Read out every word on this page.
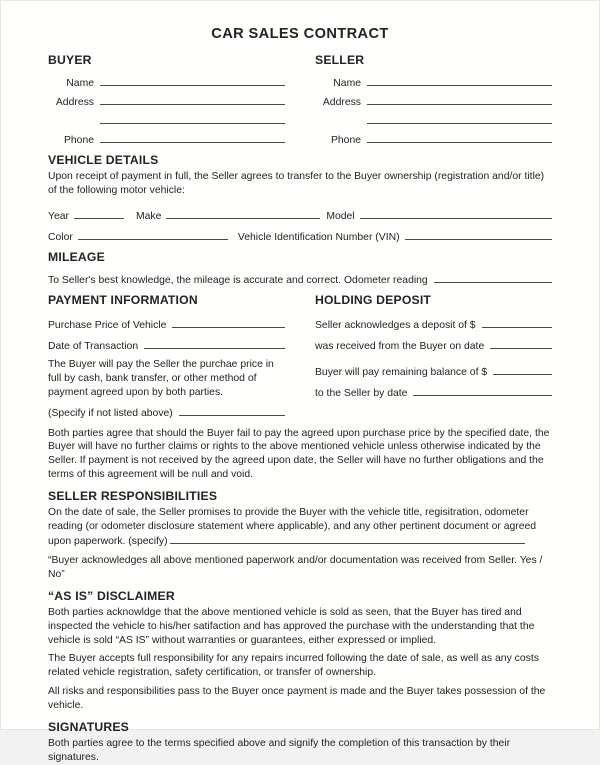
CAR SALES CONTRACT
BUYER
Name
Address
Phone
SELLER
Name
Address
Phone
VEHICLE DETAILS

Upon receipt of payment in full, the Seller agrees to transfer to the Buyer ownership (registration and/or title) of the following motor vehicle:

Year	Make	Model
Color	Vehicle Identification Number (VIN)
MILEAGE
To Seller's best knowledge, the mileage is accurate and correct. Odometer reading
PAYMENT INFORMATION
Purchase Price of Vehicle
Date of Transaction

The Buyer will pay the Seller the purchae price in full by cash, bank transfer, or other method of payment agreed upon by both parties.

(Specify if not listed above)
HOLDING DEPOSIT
Seller acknowledges a deposit of $
was received from the Buyer on date
Buyer will pay remaining balance of $
to the Seller by date

Both parties agree that should the Buyer fail to pay the agreed upon purchase price by the specified date, the Buyer will have no further claims or rights to the above mentioned vehicle unless otherwise indicated by the Seller. If payment is not received by the agreed upon date, the Seller will have no further obligations and the terms of this agreement will be null and void.

SELLER RESPONSIBILITIES

On the date of sale, the Seller promises to provide the Buyer with the vehicle title, regisitration, odometer reading (or odometer disclosure statement where applicable), and any other pertinent document or agreed upon paperwork. (specify)

“Buyer acknowledges all above mentioned paperwork and/or documentation was received from Seller. Yes / No”

“AS IS” DISCLAIMER

Both parties acknowldge that the above mentioned vehicle is sold as seen, that the Buyer has tired and inspected the vehicle to his/her satifaction and has approved the purchase with the understanding that the vehicle is sold “AS IS” without warranties or guarantees, either expressed or implied.

The Buyer accepts full responsibility for any repairs incurred following the date of sale, as well as any costs related vehicle registration, safety certification, or transfer of ownership.

All risks and responsibilities pass to the Buyer once payment is made and the Buyer takes possession of the vehicle.

SIGNATURES

Both parties agree to the terms specified above and signify the completion of this transaction by their signatures.
